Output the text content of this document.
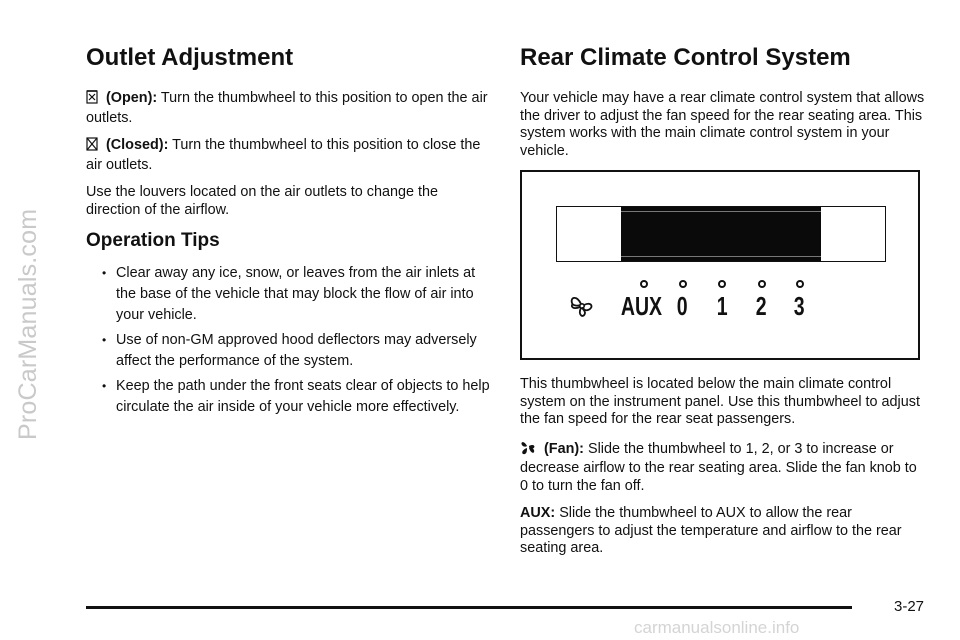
ProCarManuals.com
carmanualsonline.info
Outlet Adjustment

(Open): Turn the thumbwheel to this position to open the air outlets.

(Closed): Turn the thumbwheel to this position to close the air outlets.

Use the louvers located on the air outlets to change the direction of the airflow.

Operation Tips
• Clear away any ice, snow, or leaves from the air inlets at the base of the vehicle that may block the flow of air into your vehicle.
• Use of non-GM approved hood deflectors may adversely affect the performance of the system.
• Keep the path under the front seats clear of objects to help circulate the air inside of your vehicle more effectively.
Rear Climate Control System

Your vehicle may have a rear climate control system that allows the driver to adjust the fan speed for the rear seating area. This system works with the main climate control system in your vehicle.

AUX 0 1 2 3

This thumbwheel is located below the main climate control system on the instrument panel. Use this thumbwheel to adjust the fan speed for the rear seat passengers.

(Fan): Slide the thumbwheel to 1, 2, or 3 to increase or decrease airflow to the rear seating area. Slide the fan knob to 0 to turn the fan off.

AUX: Slide the thumbwheel to AUX to allow the rear passengers to adjust the temperature and airflow to the rear seating area.

3-27
